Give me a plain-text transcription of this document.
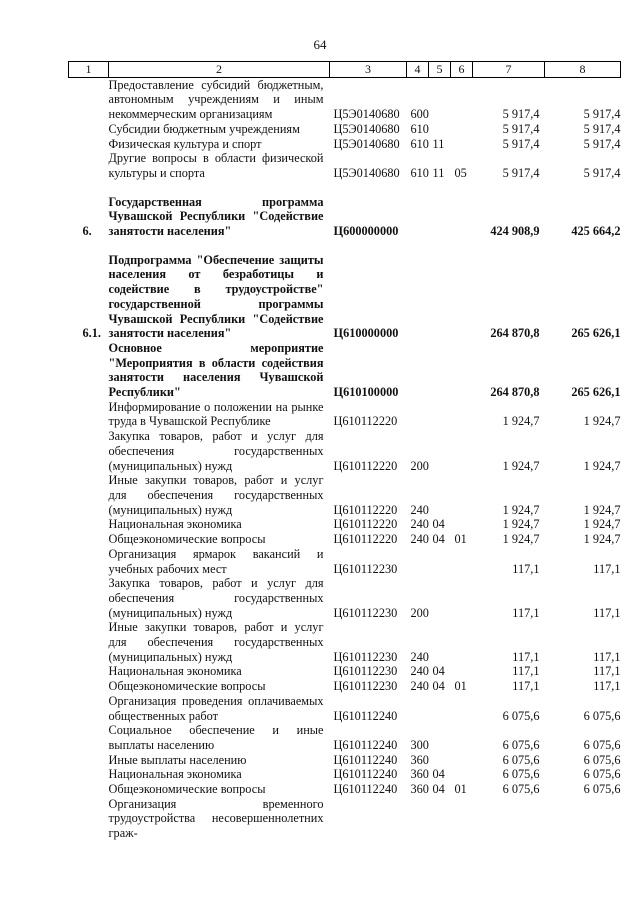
64
1	2	3	4	5	6	7	8
	Предоставление субсидий бюджетным, автономным учреждениям и иным некоммерческим организациям	Ц5Э0140680	600			5 917,4	5 917,4
	Субсидии бюджетным учреждениям	Ц5Э0140680	610			5 917,4	5 917,4
	Физическая культура и спорт	Ц5Э0140680	610	11		5 917,4	5 917,4
	Другие вопросы в области физической культуры и спорта	Ц5Э0140680	610	11	05	5 917,4	5 917,4

6.	Государственная программа Чувашской Республики "Содействие занятости населения"	Ц600000000				424 908,9	425 664,2

6.1.	Подпрограмма "Обеспечение защиты населения от безработицы и содействие в трудоустройстве" государственной программы Чувашской Республики "Содействие занятости населения"	Ц610000000				264 870,8	265 626,1
	Основное мероприятие "Мероприятия в области содействия занятости населения Чувашской Республики"	Ц610100000				264 870,8	265 626,1
	Информирование о положении на рынке труда в Чувашской Республике	Ц610112220				1 924,7	1 924,7
	Закупка товаров, работ и услуг для обеспечения государственных (муниципальных) нужд	Ц610112220	200			1 924,7	1 924,7
	Иные закупки товаров, работ и услуг для обеспечения государственных (муниципальных) нужд	Ц610112220	240			1 924,7	1 924,7
	Национальная экономика	Ц610112220	240	04		1 924,7	1 924,7
	Общеэкономические вопросы	Ц610112220	240	04	01	1 924,7	1 924,7
	Организация ярмарок вакансий и учебных рабочих мест	Ц610112230				117,1	117,1
	Закупка товаров, работ и услуг для обеспечения государственных (муниципальных) нужд	Ц610112230	200			117,1	117,1
	Иные закупки товаров, работ и услуг для обеспечения государственных (муниципальных) нужд	Ц610112230	240			117,1	117,1
	Национальная экономика	Ц610112230	240	04		117,1	117,1
	Общеэкономические вопросы	Ц610112230	240	04	01	117,1	117,1
	Организация проведения оплачиваемых общественных работ	Ц610112240				6 075,6	6 075,6
	Социальное обеспечение и иные выплаты населению	Ц610112240	300			6 075,6	6 075,6
	Иные выплаты населению	Ц610112240	360			6 075,6	6 075,6
	Национальная экономика	Ц610112240	360	04		6 075,6	6 075,6
	Общеэкономические вопросы	Ц610112240	360	04	01	6 075,6	6 075,6
	Организация временного трудоустройства несовершеннолетних граж-						
